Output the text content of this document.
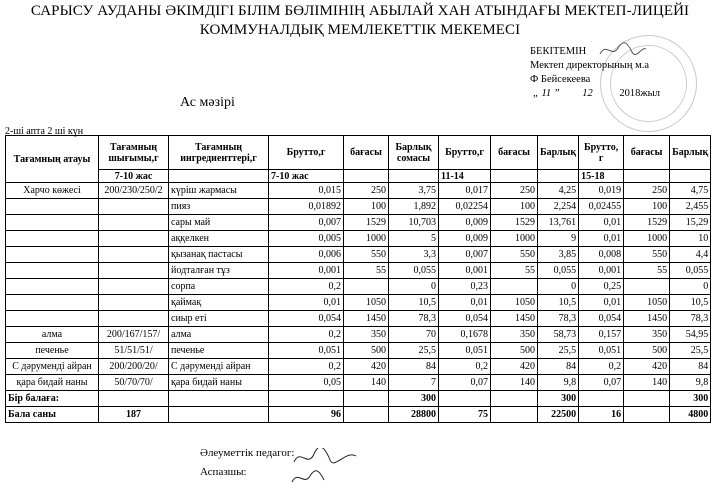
САРЫСУ АУДАНЫ ӘКІМДІГІ БІЛІМ БӨЛІМІНІҢ АБЫЛАЙ ХАН АТЫНДАҒЫ МЕКТЕП-ЛИЦЕЙІ
КОММУНАЛДЫҚ МЕМЛЕКЕТТІК МЕКЕМЕСІ
БЕКІТЕМІН
Мектеп директорының м.а
Ф Бейсекеева
„ 11 ” 12	2018жыл
Ас мәзірі
2-ші апта 2 ші күн
Тағамның атауы	Тағамның шығымы,г	Тағамның ингредиенттері,г	Брутто,г	бағасы	Барлық сомасы	Брутто,г	бағасы	Барлық	Брутто, г	бағасы	Барлық
	7-10 жас		7-10 жас			11-14			15-18		
Харчо көжесі	200/230/250/2	күріш жармасы	0,015	250	3,75	0,017	250	4,25	0,019	250	4,75
		пияз	0,01892	100	1,892	0,02254	100	2,254	0,02455	100	2,455
		сары май	0,007	1529	10,703	0,009	1529	13,761	0,01	1529	15,29
		аққелкен	0,005	1000	5	0,009	1000	9	0,01	1000	10
		қызанақ пастасы	0,006	550	3,3	0,007	550	3,85	0,008	550	4,4
		йодталған тұз	0,001	55	0,055	0,001	55	0,055	0,001	55	0,055
		сорпа	0,2		0	0,23		0	0,25		0
		қаймақ	0,01	1050	10,5	0,01	1050	10,5	0,01	1050	10,5
		сиыр еті	0,054	1450	78,3	0,054	1450	78,3	0,054	1450	78,3
алма	200/167/157/	алма	0,2	350	70	0,1678	350	58,73	0,157	350	54,95
печенье	51/51/51/	печенье	0,051	500	25,5	0,051	500	25,5	0,051	500	25,5
С дәруменді айран	200/200/20/	С дәруменді айран	0,2	420	84	0,2	420	84	0,2	420	84
қара бидай наны	50/70/70/	қара бидай наны	0,05	140	7	0,07	140	9,8	0,07	140	9,8
Бір балаға:					300			300			300
Бала саны	187		96		28800	75		22500	16		4800
Әлеуметтік педагог:
Аспазшы:
